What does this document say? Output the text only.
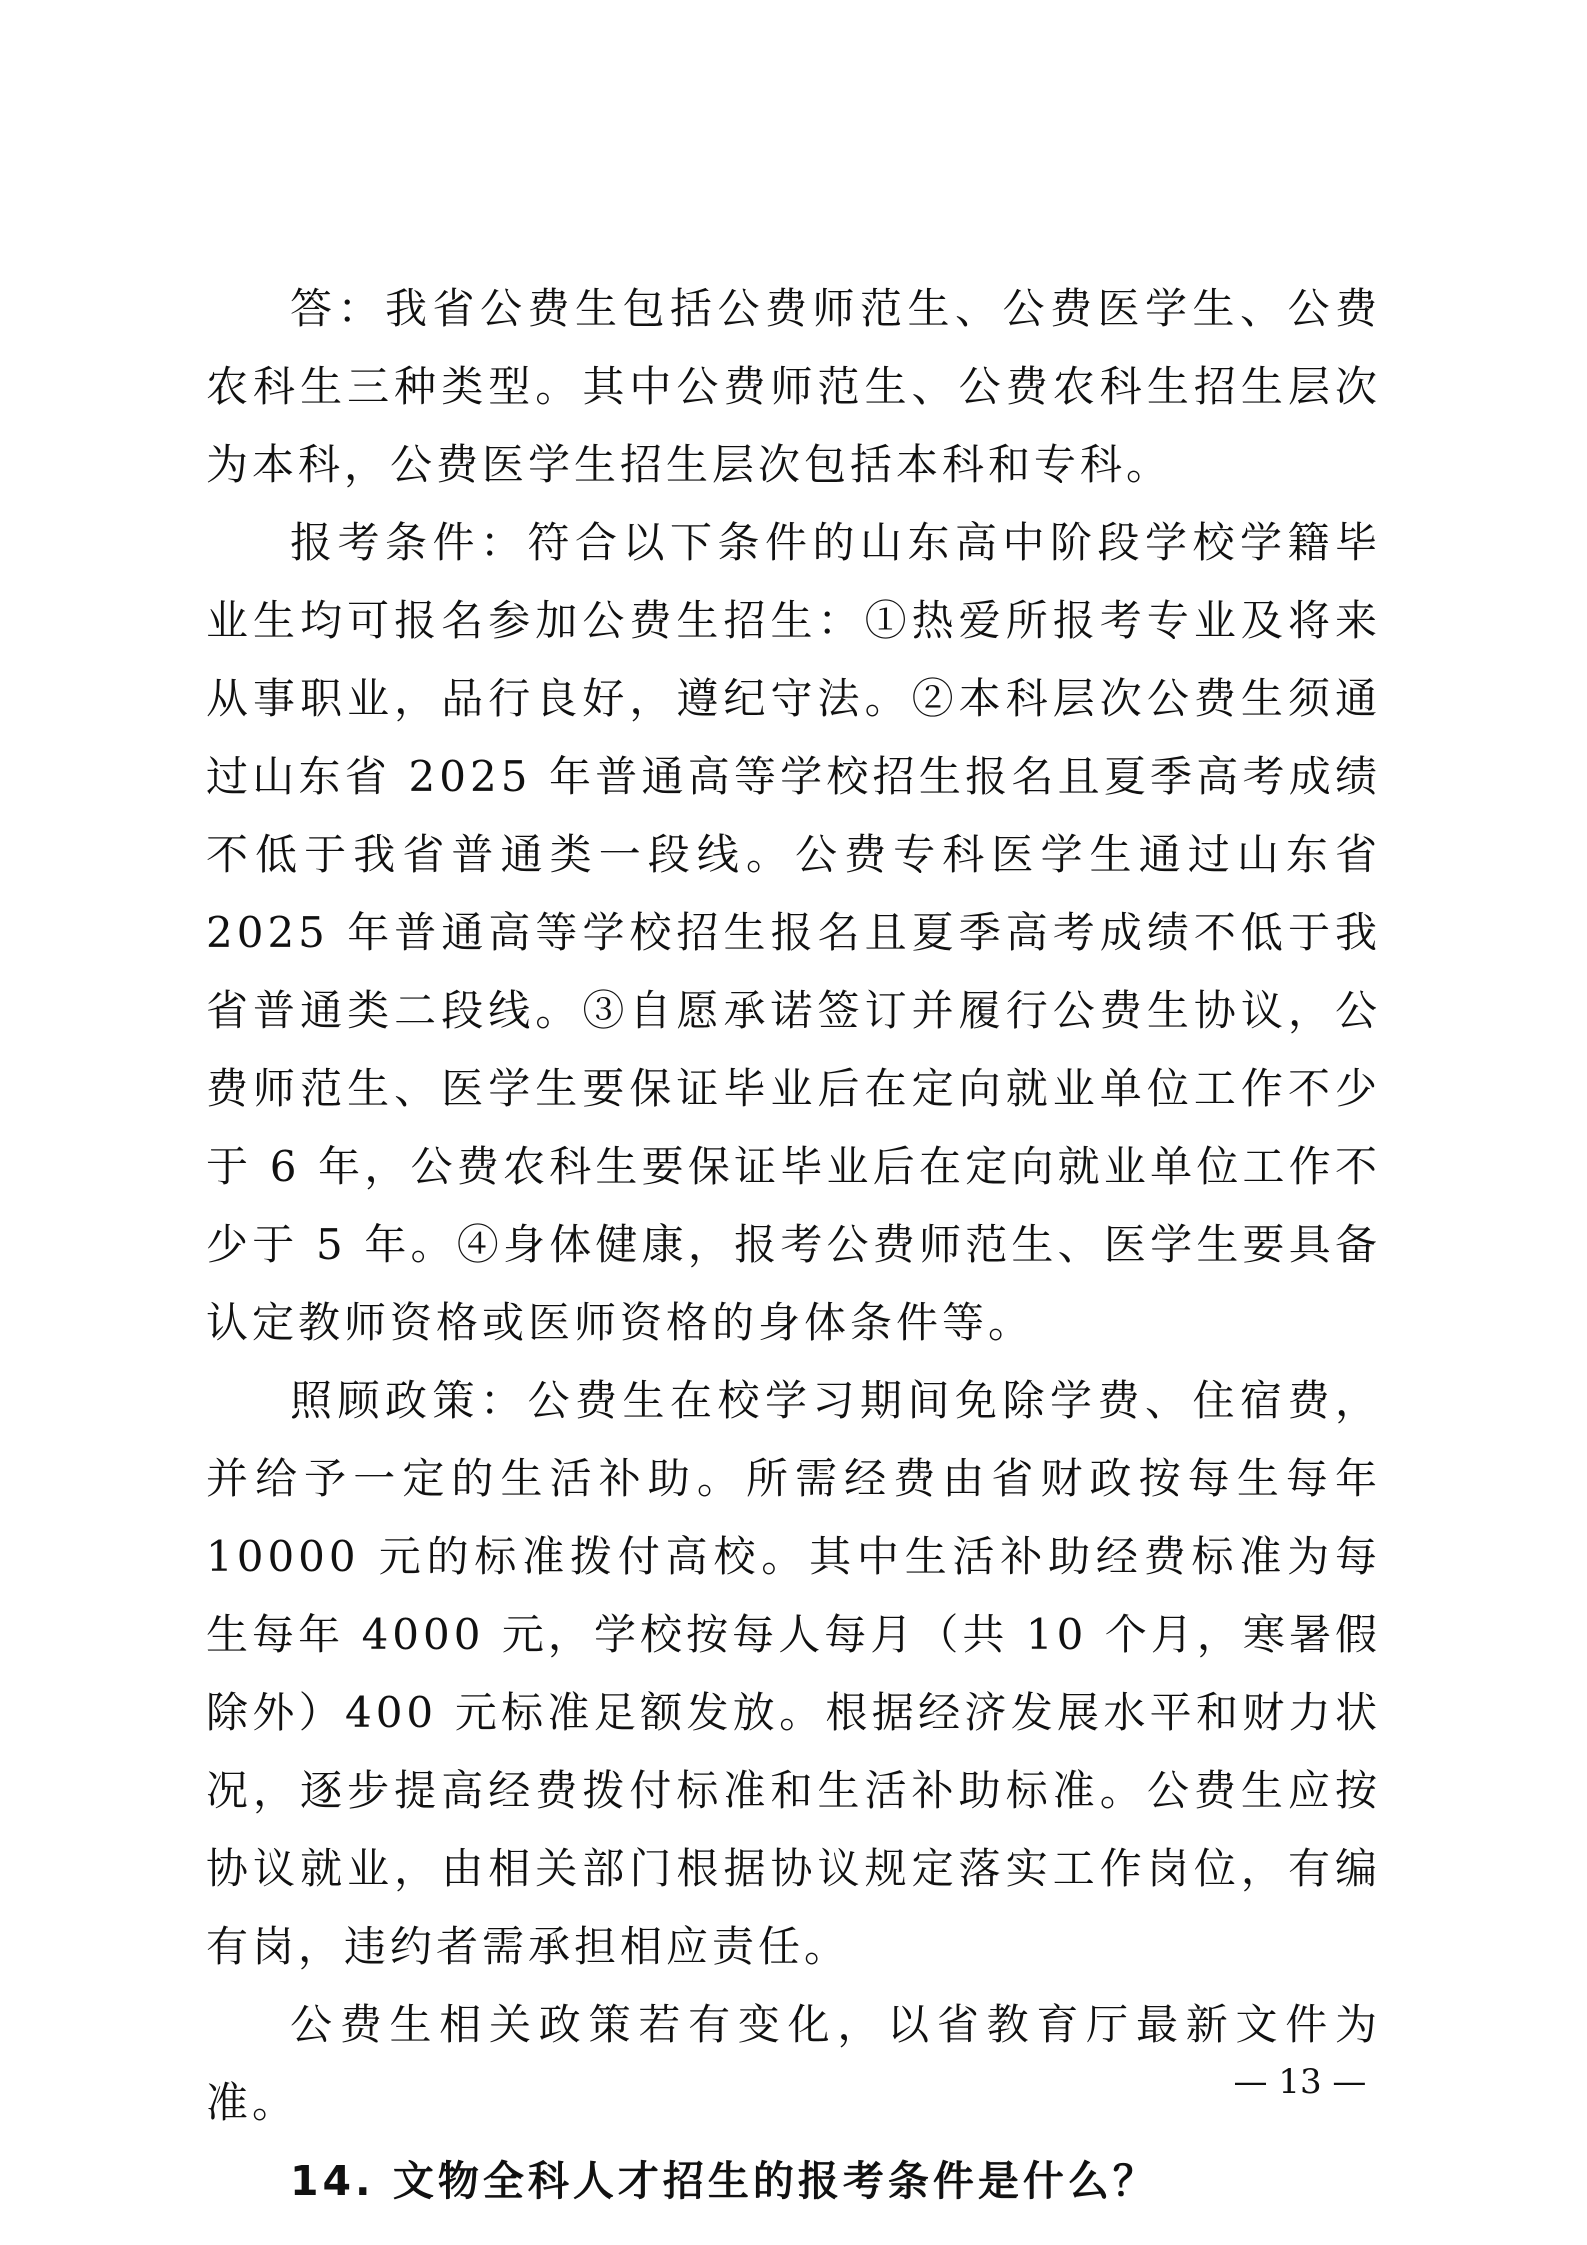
答：我省公费生包括公费师范生、公费医学生、公费农科生三种类型。其中公费师范生、公费农科生招生层次为本科，公费医学生招生层次包括本科和专科。

报考条件：符合以下条件的山东高中阶段学校学籍毕业生均可报名参加公费生招生：①热爱所报考专业及将来从事职业，品行良好，遵纪守法。②本科层次公费生须通过山东省 2025 年普通高等学校招生报名且夏季高考成绩不低于我省普通类一段线。公费专科医学生通过山东省 2025 年普通高等学校招生报名且夏季高考成绩不低于我省普通类二段线。③自愿承诺签订并履行公费生协议，公费师范生、医学生要保证毕业后在定向就业单位工作不少于 6 年，公费农科生要保证毕业后在定向就业单位工作不少于 5 年。④身体健康，报考公费师范生、医学生要具备认定教师资格或医师资格的身体条件等。

照顾政策：公费生在校学习期间免除学费、住宿费，并给予一定的生活补助。所需经费由省财政按每生每年 10000 元的标准拨付高校。其中生活补助经费标准为每生每年 4000 元，学校按每人每月（共 10 个月，寒暑假除外）400 元标准足额发放。根据经济发展水平和财力状况，逐步提高经费拨付标准和生活补助标准。公费生应按协议就业，由相关部门根据协议规定落实工作岗位，有编有岗，违约者需承担相应责任。

公费生相关政策若有变化，以省教育厅最新文件为准。

14. 文物全科人才招生的报考条件是什么？

— 13 —
